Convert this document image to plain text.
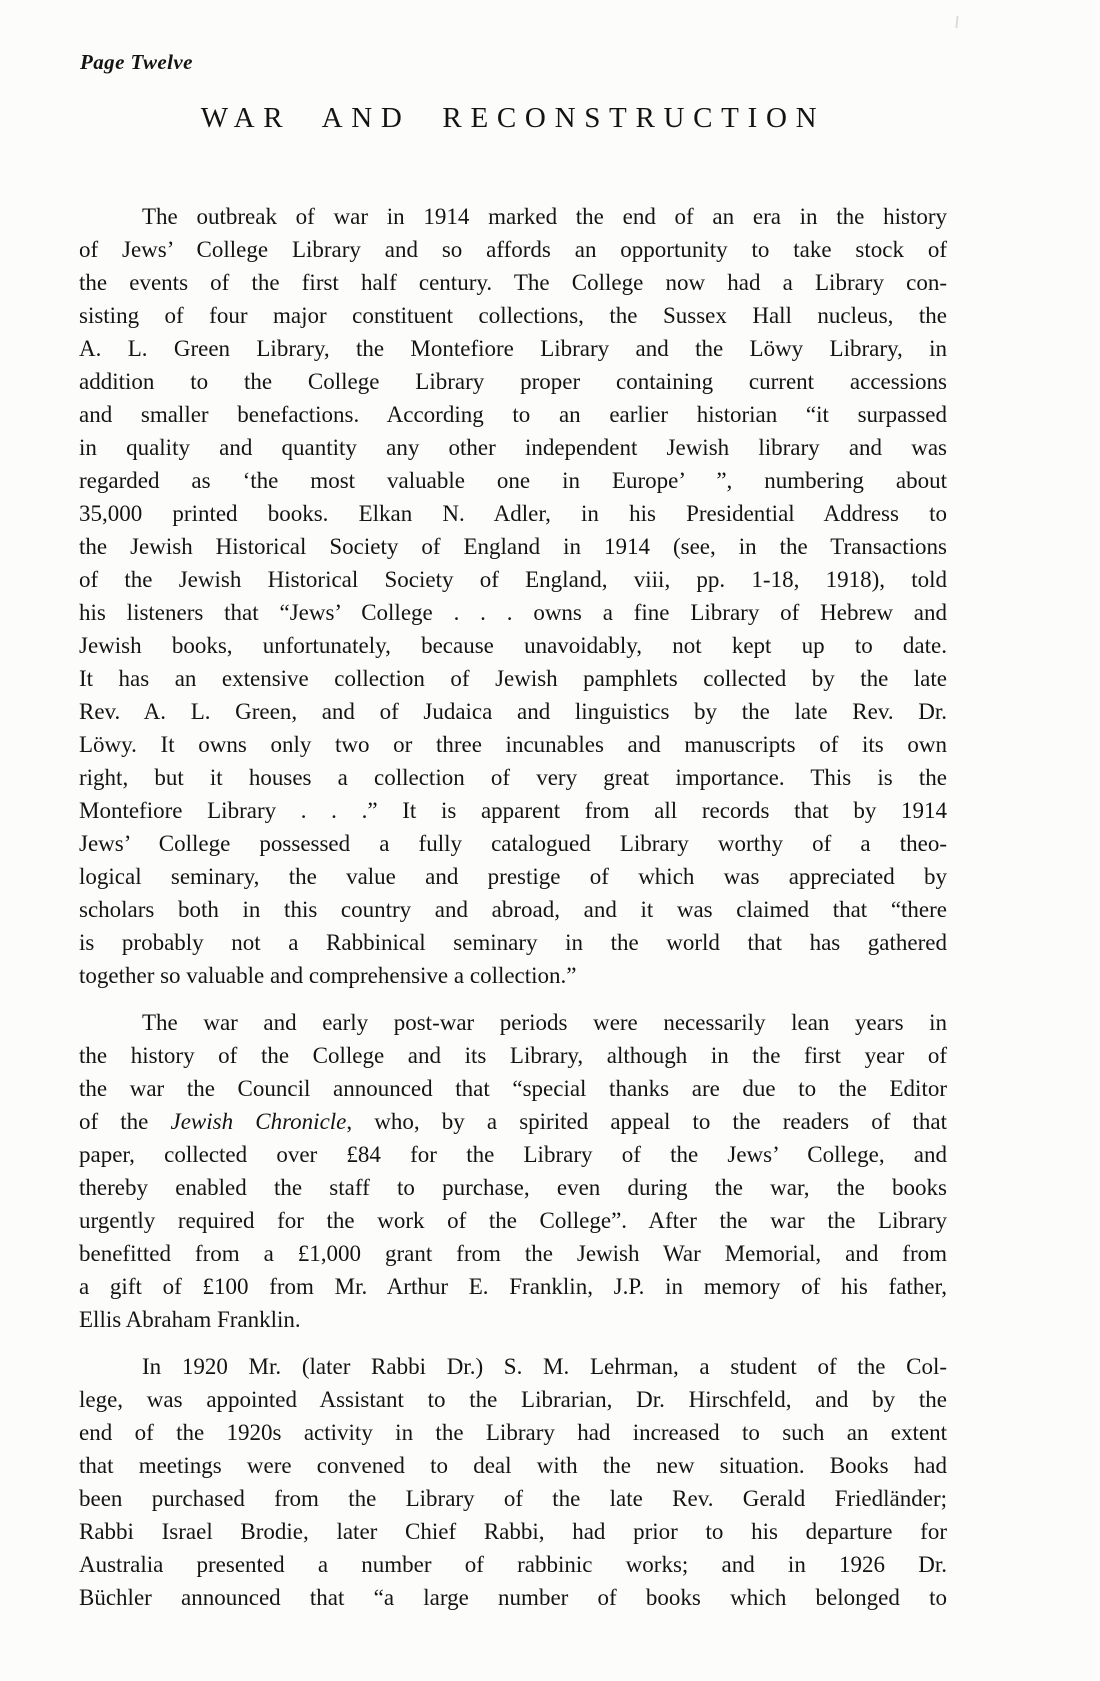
Page Twelve
WAR AND RECONSTRUCTION
The outbreak of war in 1914 marked the end of an era in the history
of Jews’ College Library and so affords an opportunity to take stock of
the events of the first half century. The College now had a Library con-
sisting of four major constituent collections, the Sussex Hall nucleus, the
A. L. Green Library, the Montefiore Library and the Löwy Library, in
addition to the College Library proper containing current accessions
and smaller benefactions. According to an earlier historian “it surpassed
in quality and quantity any other independent Jewish library and was
regarded as ‘the most valuable one in Europe’ ”, numbering about
35,000 printed books. Elkan N. Adler, in his Presidential Address to
the Jewish Historical Society of England in 1914 (see, in the Transactions
of the Jewish Historical Society of England, viii, pp. 1-18, 1918), told
his listeners that “Jews’ College . . . owns a fine Library of Hebrew and
Jewish books, unfortunately, because unavoidably, not kept up to date.
It has an extensive collection of Jewish pamphlets collected by the late
Rev. A. L. Green, and of Judaica and linguistics by the late Rev. Dr.
Löwy. It owns only two or three incunables and manuscripts of its own
right, but it houses a collection of very great importance. This is the
Montefiore Library . . .” It is apparent from all records that by 1914
Jews’ College possessed a fully catalogued Library worthy of a theo-
logical seminary, the value and prestige of which was appreciated by
scholars both in this country and abroad, and it was claimed that “there
is probably not a Rabbinical seminary in the world that has gathered
together so valuable and comprehensive a collection.”
The war and early post-war periods were necessarily lean years in
the history of the College and its Library, although in the first year of
the war the Council announced that “special thanks are due to the Editor
of the Jewish Chronicle, who, by a spirited appeal to the readers of that
paper, collected over £84 for the Library of the Jews’ College, and
thereby enabled the staff to purchase, even during the war, the books
urgently required for the work of the College”. After the war the Library
benefitted from a £1,000 grant from the Jewish War Memorial, and from
a gift of £100 from Mr. Arthur E. Franklin, J.P. in memory of his father,
Ellis Abraham Franklin.
In 1920 Mr. (later Rabbi Dr.) S. M. Lehrman, a student of the Col-
lege, was appointed Assistant to the Librarian, Dr. Hirschfeld, and by the
end of the 1920s activity in the Library had increased to such an extent
that meetings were convened to deal with the new situation. Books had
been purchased from the Library of the late Rev. Gerald Friedländer;
Rabbi Israel Brodie, later Chief Rabbi, had prior to his departure for
Australia presented a number of rabbinic works; and in 1926 Dr.
Büchler announced that “a large number of books which belonged to
